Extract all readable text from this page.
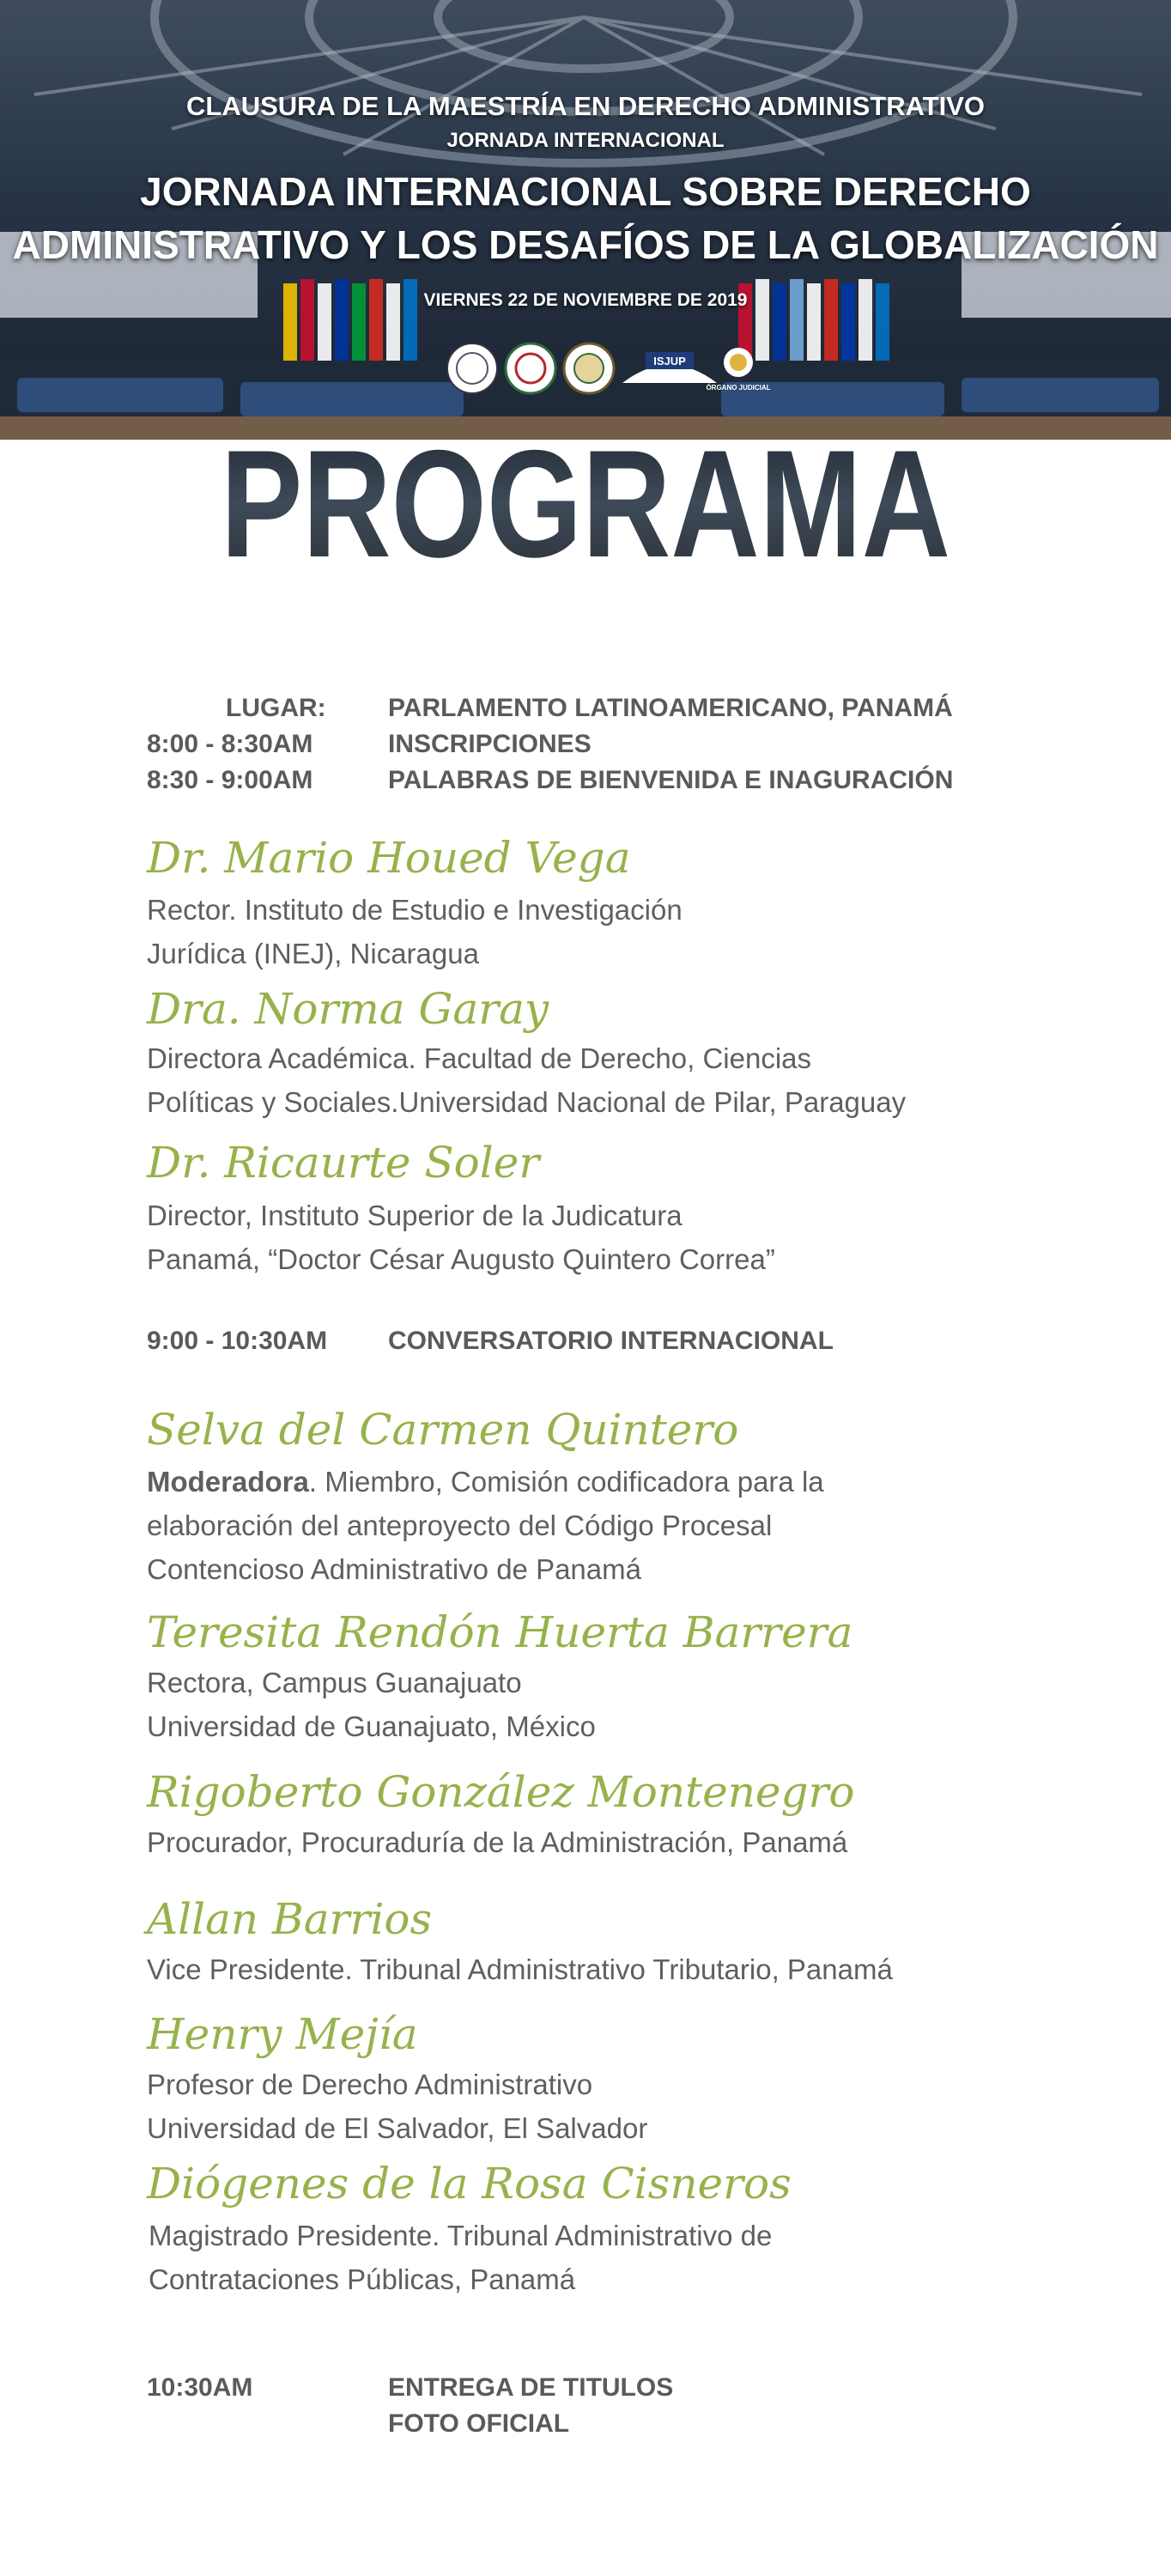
CLAUSURA DE LA MAESTRÍA EN DERECHO ADMINISTRATIVO
JORNADA INTERNACIONAL
JORNADA INTERNACIONAL SOBRE DERECHO
ADMINISTRATIVO Y LOS DESAFÍOS DE LA GLOBALIZACIÓN
VIERNES 22 DE NOVIEMBRE DE 2019
ISJUP
ÓRGANO JUDICIAL
PROGRAMA
LUGAR: PARLAMENTO LATINOAMERICANO, PANAMÁ
8:00 - 8:30AM	INSCRIPCIONES
8:30 - 9:00AM	PALABRAS DE BIENVENIDA E INAGURACIÓN
Dr. Mario Houed Vega
Rector. Instituto de Estudio e Investigación
Jurídica (INEJ), Nicaragua
Dra. Norma Garay
Directora Académica. Facultad de Derecho, Ciencias
Políticas y Sociales.Universidad Nacional de Pilar, Paraguay
Dr. Ricaurte Soler
Director, Instituto Superior de la Judicatura
Panamá, “Doctor César Augusto Quintero Correa”
9:00 - 10:30AM CONVERSATORIO INTERNACIONAL
Selva del Carmen Quintero
Moderadora. Miembro, Comisión codificadora para la
elaboración del anteproyecto del Código Procesal
Contencioso Administrativo de Panamá
Teresita Rendón Huerta Barrera
Rectora, Campus Guanajuato
Universidad de Guanajuato, México
Rigoberto González Montenegro
Procurador, Procuraduría de la Administración, Panamá
Allan Barrios
Vice Presidente. Tribunal Administrativo Tributario, Panamá
Henry Mejía
Profesor de Derecho Administrativo
Universidad de El Salvador, El Salvador
Diógenes de la Rosa Cisneros
Magistrado Presidente. Tribunal Administrativo de
Contrataciones Públicas, Panamá
10:30AM	ENTREGA DE TITULOS
FOTO OFICIAL
